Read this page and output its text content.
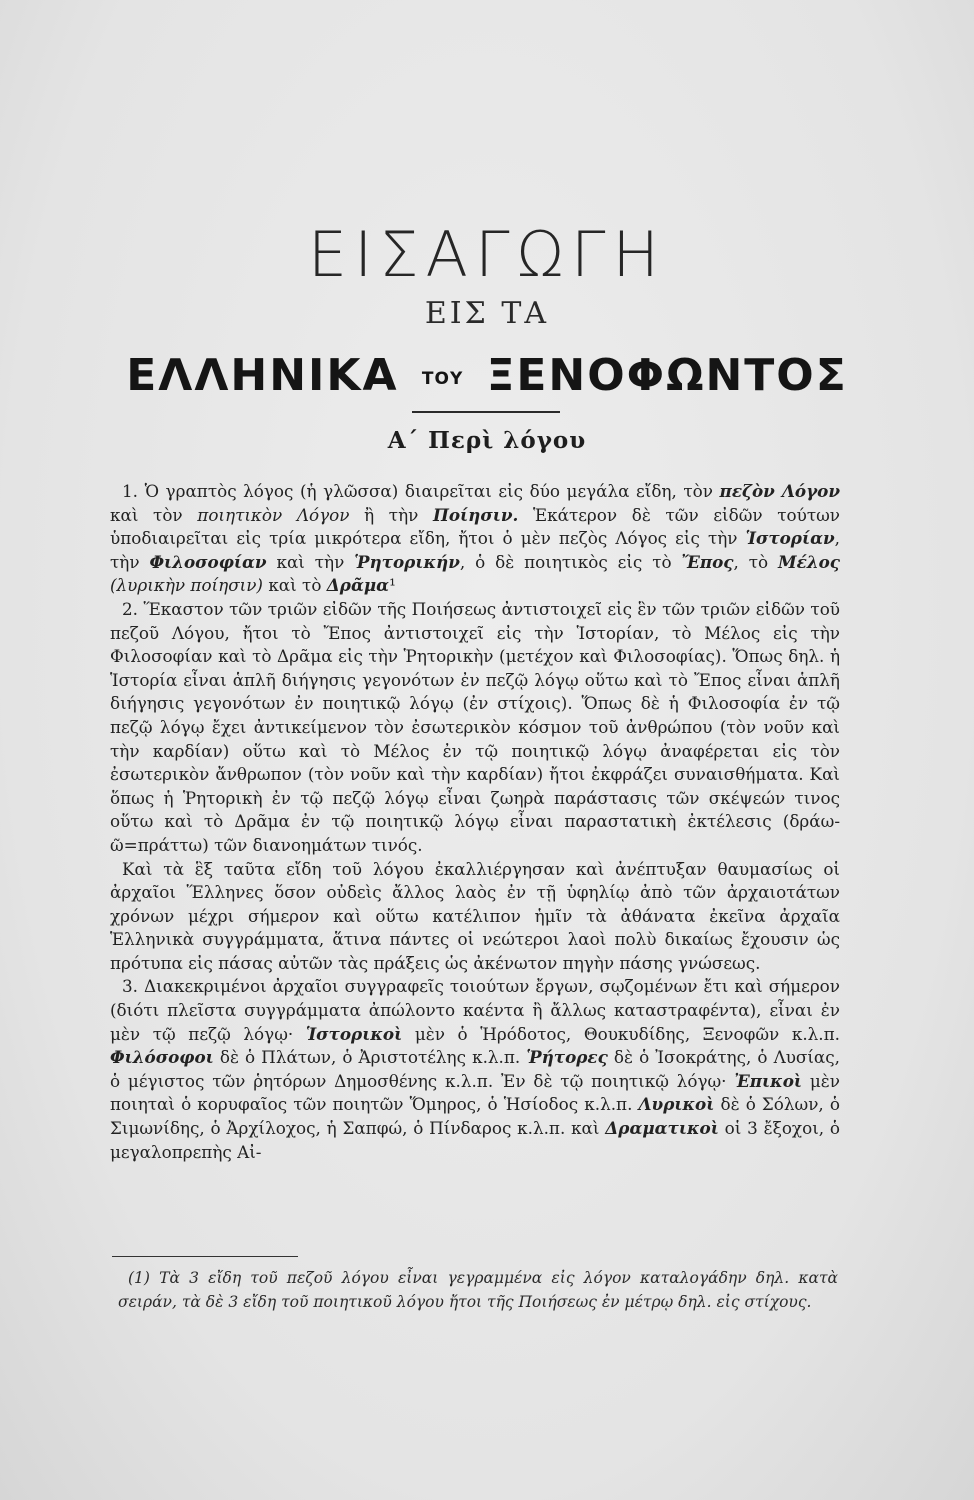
ΕΙΣΑΓΩΓΗ
ΕΙΣ ΤΑ
ΕΛΛΗΝΙΚΑ ΤΟΥ ΞΕΝΟΦΩΝΤΟΣ
Α΄ Περὶ λόγου

1. Ὁ γραπτὸς λόγος (ἡ γλῶσσα) διαιρεῖται εἰς δύο μεγάλα εἴδη, τὸν πεζὸν Λόγον καὶ τὸν ποιητικὸν Λόγον ἢ τὴν Ποίησιν. Ἑκάτερον δὲ τῶν εἰδῶν τούτων ὑποδιαιρεῖται εἰς τρία μικρότερα εἴδη, ἤτοι ὁ μὲν πεζὸς Λόγος εἰς τὴν Ἱστορίαν, τὴν Φιλοσοφίαν καὶ τὴν Ῥητορικήν, ὁ δὲ ποιητικὸς εἰς τὸ Ἔπος, τὸ Μέλος (λυρικὴν ποίησιν) καὶ τὸ Δρᾶμα¹

2. Ἕκαστον τῶν τριῶν εἰδῶν τῆς Ποιήσεως ἀντιστοιχεῖ εἰς ἓν τῶν τριῶν εἰδῶν τοῦ πεζοῦ Λόγου, ἤτοι τὸ Ἔπος ἀντιστοιχεῖ εἰς τὴν Ἱστορίαν, τὸ Μέλος εἰς τὴν Φιλοσοφίαν καὶ τὸ Δρᾶμα εἰς τὴν Ῥητορικὴν (μετέχον καὶ Φιλοσοφίας). Ὅπως δηλ. ἡ Ἱστορία εἶναι ἁπλῆ διήγησις γεγονότων ἐν πεζῷ λόγῳ οὕτω καὶ τὸ Ἔπος εἶναι ἁπλῆ διήγησις γεγονότων ἐν ποιητικῷ λόγῳ (ἐν στίχοις). Ὅπως δὲ ἡ Φιλοσοφία ἐν τῷ πεζῷ λόγῳ ἔχει ἀντικείμενον τὸν ἐσωτερικὸν κόσμον τοῦ ἀνθρώπου (τὸν νοῦν καὶ τὴν καρδίαν) οὕτω καὶ τὸ Μέλος ἐν τῷ ποιητικῷ λόγῳ ἀναφέρεται εἰς τὸν ἐσωτερικὸν ἄνθρωπον (τὸν νοῦν καὶ τὴν καρδίαν) ἤτοι ἐκφράζει συναισθήματα. Καὶ ὅπως ἡ Ῥητορικὴ ἐν τῷ πεζῷ λόγῳ εἶναι ζωηρὰ παράστασις τῶν σκέψεών τινος οὕτω καὶ τὸ Δρᾶμα ἐν τῷ ποιητικῷ λόγῳ εἶναι παραστατικὴ ἐκτέλεσις (δράω-ῶ=πράττω) τῶν διανοημάτων τινός.

Καὶ τὰ ἓξ ταῦτα εἴδη τοῦ λόγου ἐκαλλιέργησαν καὶ ἀνέπτυξαν θαυμασίως οἱ ἀρχαῖοι Ἕλληνες ὅσον οὐδεὶς ἄλλος λαὸς ἐν τῇ ὑφηλίῳ ἀπὸ τῶν ἀρχαιοτάτων χρόνων μέχρι σήμερον καὶ οὕτω κατέλιπον ἡμῖν τὰ ἀθάνατα ἐκεῖνα ἀρχαῖα Ἑλληνικὰ συγγράμματα, ἅτινα πάντες οἱ νεώτεροι λαοὶ πολὺ δικαίως ἔχουσιν ὡς πρότυπα εἰς πάσας αὐτῶν τὰς πράξεις ὡς ἀκένωτον πηγὴν πάσης γνώσεως.

3. Διακεκριμένοι ἀρχαῖοι συγγραφεῖς τοιούτων ἔργων, σῳζομένων ἔτι καὶ σήμερον (διότι πλεῖστα συγγράμματα ἀπώλοντο καέντα ἢ ἄλλως καταστραφέντα), εἶναι ἐν μὲν τῷ πεζῷ λόγῳ· Ἱστορικοὶ μὲν ὁ Ἡρόδοτος, Θουκυδίδης, Ξενοφῶν κ.λ.π. Φιλόσοφοι δὲ ὁ Πλάτων, ὁ Ἀριστοτέλης κ.λ.π. Ῥήτορες δὲ ὁ Ἰσοκράτης, ὁ Λυσίας, ὁ μέγιστος τῶν ῥητόρων Δημοσθένης κ.λ.π. Ἐν δὲ τῷ ποιητικῷ λόγῳ· Ἐπικοὶ μὲν ποιηταὶ ὁ κορυφαῖος τῶν ποιητῶν Ὅμηρος, ὁ Ἡσίοδος κ.λ.π. Λυρικοὶ δὲ ὁ Σόλων, ὁ Σιμωνίδης, ὁ Ἀρχίλοχος, ἡ Σαπφώ, ὁ Πίνδαρος κ.λ.π. καὶ Δραματικοὶ οἱ 3 ἔξοχοι, ὁ μεγαλοπρεπὴς Αἰ-

(1) Τὰ 3 εἴδη τοῦ πεζοῦ λόγου εἶναι γεγραμμένα εἰς λόγον καταλογάδην δηλ. κατὰ σειράν, τὰ δὲ 3 εἴδη τοῦ ποιητικοῦ λόγου ἤτοι τῆς Ποιήσεως ἐν μέτρῳ δηλ. εἰς στίχους.
